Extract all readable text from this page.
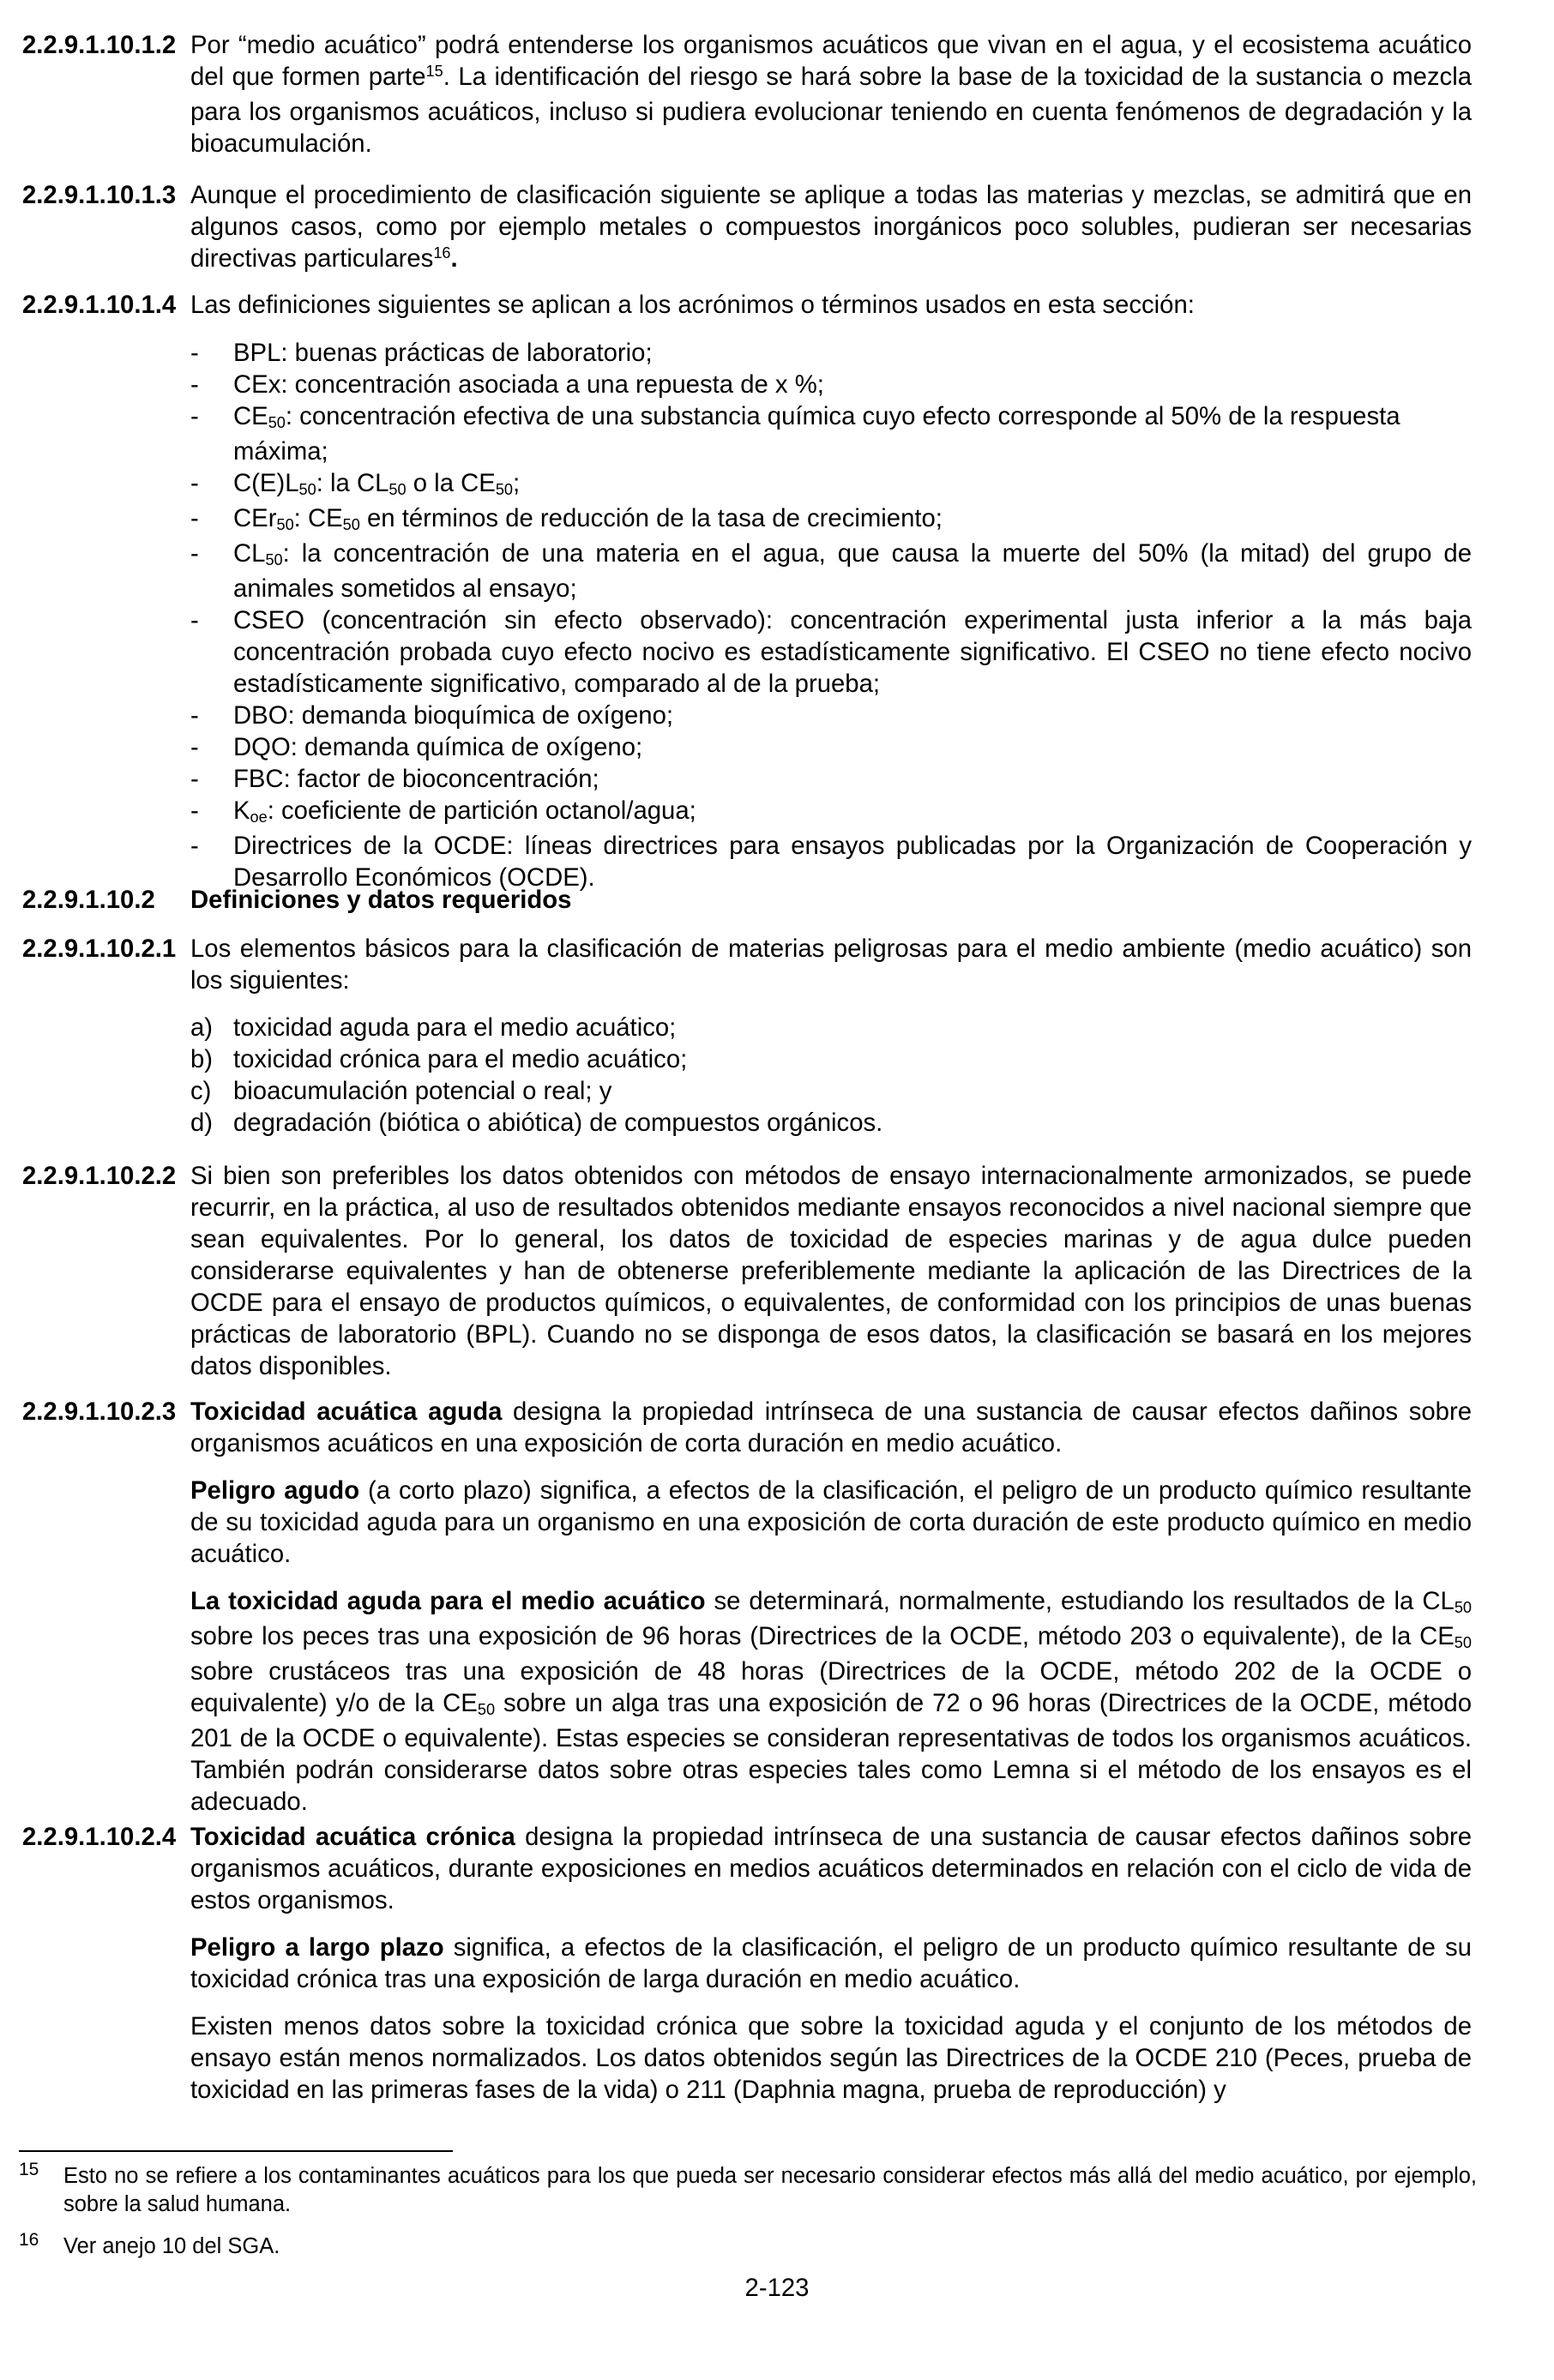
2.2.9.1.10.1.2 Por “medio acuático” podrá entenderse los organismos acuáticos que vivan en el agua, y el ecosistema acuático del que formen parte$^{15}$. La identificación del riesgo se hará sobre la base de la toxicidad de la sustancia o mezcla para los organismos acuáticos, incluso si pudiera evolucionar teniendo en cuenta fenómenos de degradación y la bioacumulación.
2.2.9.1.10.1.3 Aunque el procedimiento de clasificación siguiente se aplique a todas las materias y mezclas, se admitirá que en algunos casos, como por ejemplo metales o compuestos inorgánicos poco solubles, pudieran ser necesarias directivas particulares$^{16}$.
2.2.9.1.10.1.4 Las definiciones siguientes se aplican a los acrónimos o términos usados en esta sección:
- BPL: buenas prácticas de laboratorio;
- CEx: concentración asociada a una repuesta de x %;
- CE50: concentración efectiva de una substancia química cuyo efecto corresponde al 50% de la respuesta máxima;
- C(E)L50: la CL50 o la CE50;
- CEr50: CE50 en términos de reducción de la tasa de crecimiento;
- CL50: la concentración de una materia en el agua, que causa la muerte del 50% (la mitad) del grupo de animales sometidos al ensayo;
- CSEO (concentración sin efecto observado): concentración experimental justa inferior a la más baja concentración probada cuyo efecto nocivo es estadísticamente significativo. El CSEO no tiene efecto nocivo estadísticamente significativo, comparado al de la prueba;
- DBO: demanda bioquímica de oxígeno;
- DQO: demanda química de oxígeno;
- FBC: factor de bioconcentración;
- Koe: coeficiente de partición octanol/agua;
- Directrices de la OCDE: líneas directrices para ensayos publicadas por la Organización de Cooperación y Desarrollo Económicos (OCDE).
2.2.9.1.10.2 Definiciones y datos requeridos
2.2.9.1.10.2.1 Los elementos básicos para la clasificación de materias peligrosas para el medio ambiente (medio acuático) son los siguientes:
a) toxicidad aguda para el medio acuático;
b) toxicidad crónica para el medio acuático;
c) bioacumulación potencial o real; y
d) degradación (biótica o abiótica) de compuestos orgánicos.
2.2.9.1.10.2.2 Si bien son preferibles los datos obtenidos con métodos de ensayo internacionalmente armonizados, se puede recurrir, en la práctica, al uso de resultados obtenidos mediante ensayos reconocidos a nivel nacional siempre que sean equivalentes. Por lo general, los datos de toxicidad de especies marinas y de agua dulce pueden considerarse equivalentes y han de obtenerse preferiblemente mediante la aplicación de las Directrices de la OCDE para el ensayo de productos químicos, o equivalentes, de conformidad con los principios de unas buenas prácticas de laboratorio (BPL). Cuando no se disponga de esos datos, la clasificación se basará en los mejores datos disponibles.
2.2.9.1.10.2.3 Toxicidad acuática aguda designa la propiedad intrínseca de una sustancia de causar efectos dañinos sobre organismos acuáticos en una exposición de corta duración en medio acuático.
Peligro agudo (a corto plazo) significa, a efectos de la clasificación, el peligro de un producto químico resultante de su toxicidad aguda para un organismo en una exposición de corta duración de este producto químico en medio acuático.
La toxicidad aguda para el medio acuático se determinará, normalmente, estudiando los resultados de la CL50 sobre los peces tras una exposición de 96 horas (Directrices de la OCDE, método 203 o equivalente), de la CE50 sobre crustáceos tras una exposición de 48 horas (Directrices de la OCDE, método 202 de la OCDE o equivalente) y/o de la CE50 sobre un alga tras una exposición de 72 o 96 horas (Directrices de la OCDE, método 201 de la OCDE o equivalente). Estas especies se consideran representativas de todos los organismos acuáticos. También podrán considerarse datos sobre otras especies tales como Lemna si el método de los ensayos es el adecuado.
2.2.9.1.10.2.4 Toxicidad acuática crónica designa la propiedad intrínseca de una sustancia de causar efectos dañinos sobre organismos acuáticos, durante exposiciones en medios acuáticos determinados en relación con el ciclo de vida de estos organismos.
Peligro a largo plazo significa, a efectos de la clasificación, el peligro de un producto químico resultante de su toxicidad crónica tras una exposición de larga duración en medio acuático.
Existen menos datos sobre la toxicidad crónica que sobre la toxicidad aguda y el conjunto de los métodos de ensayo están menos normalizados. Los datos obtenidos según las Directrices de la OCDE 210 (Peces, prueba de toxicidad en las primeras fases de la vida) o 211 (Daphnia magna, prueba de reproducción) y
15 Esto no se refiere a los contaminantes acuáticos para los que pueda ser necesario considerar efectos más allá del medio acuático, por ejemplo, sobre la salud humana.
16 Ver anejo 10 del SGA.
2-123
